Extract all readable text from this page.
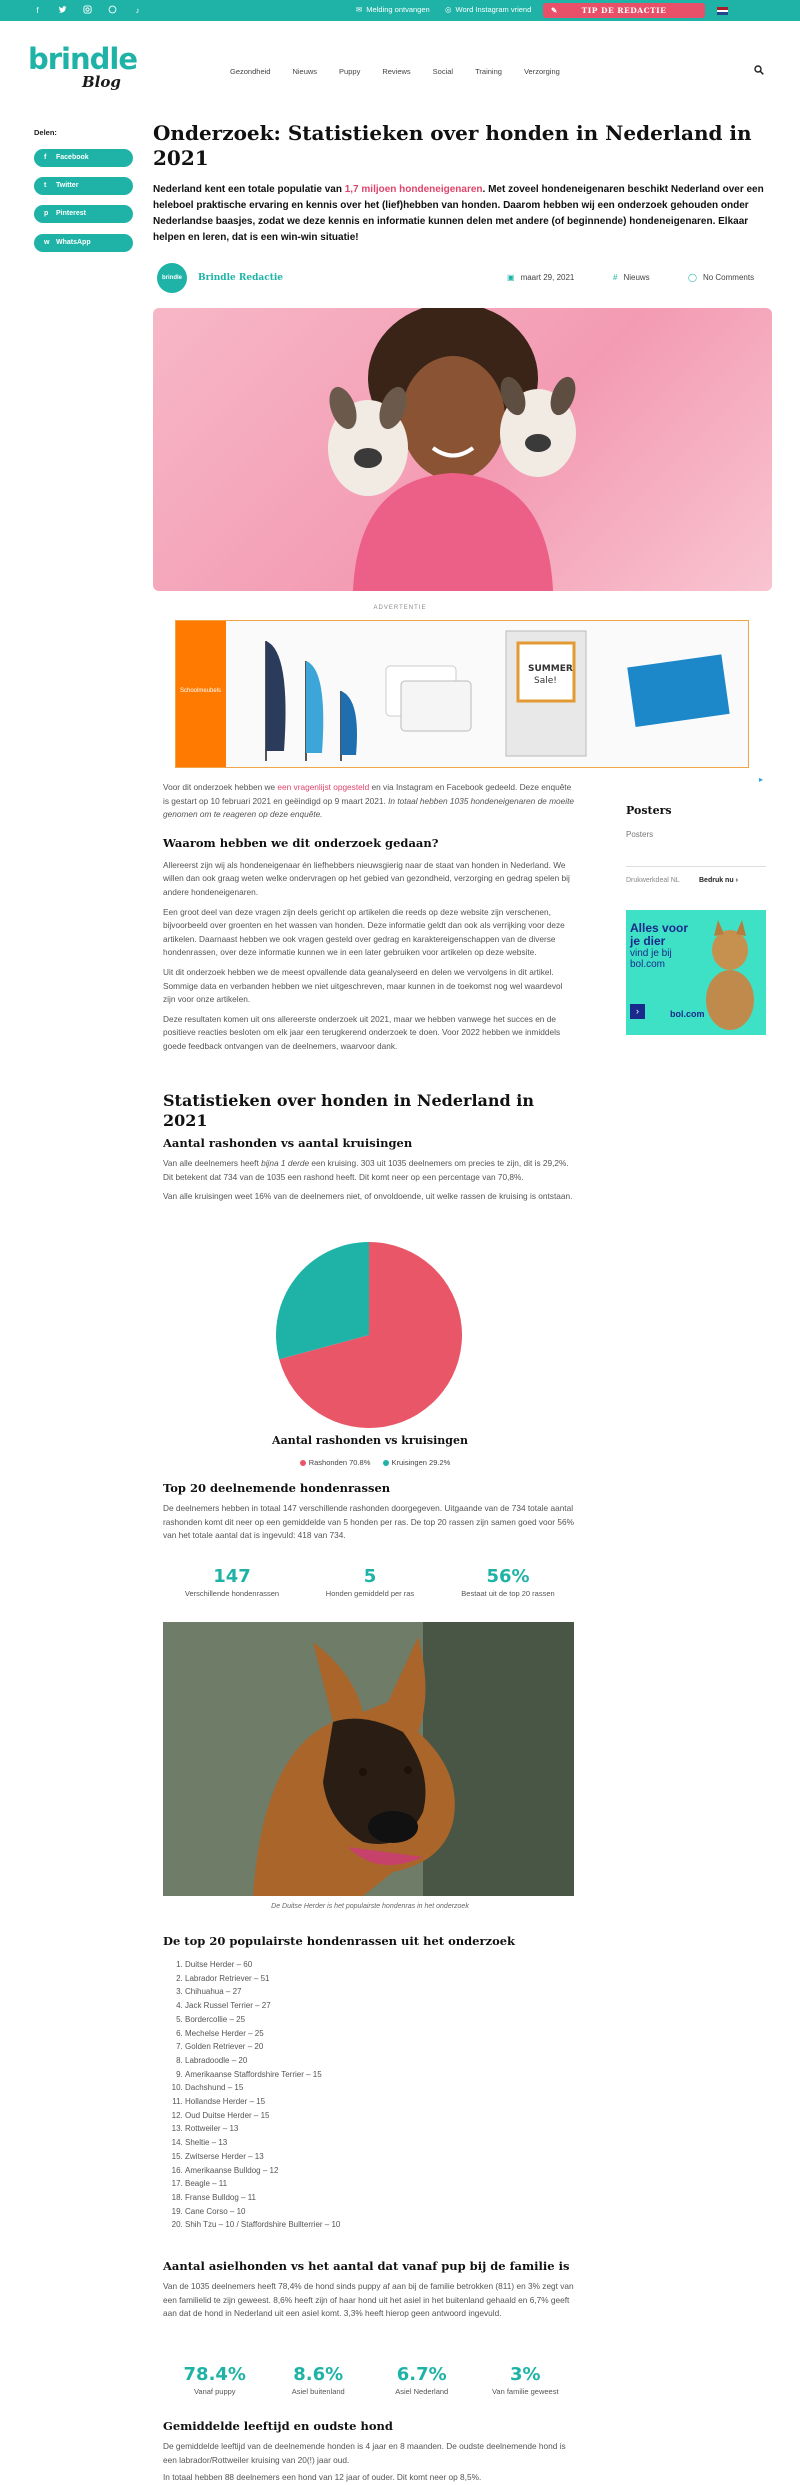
f	♪	✉ Melding ontvangen ◎ Word Instagram vriend	✎	TIP DE REDACTIE
brindle
Blog
Gezondheid	Nieuws	Puppy	Reviews	Social	Training	Verzorging
Delen:
f Facebook
t Twitter
p Pinterest
w WhatsApp
Onderzoek: Statistieken over honden in Nederland in 2021
Nederland kent een totale populatie van 1,7 miljoen hondeneigenaren. Met zoveel hondeneigenaren beschikt Nederland over een heleboel praktische ervaring en kennis over het (lief)hebben van honden. Daarom hebben wij een onderzoek gehouden onder Nederlandse baasjes, zodat we deze kennis en informatie kunnen delen met andere (of beginnende) hondeneigenaren. Elkaar helpen en leren, dat is een win-win situatie!
brindle	Brindle Redactie	▣ maart 29, 2021	# Nieuws	◯ No Comments
ADVERTENTIE
Schoolmeubels
SUMMER
Sale!
▸

Voor dit onderzoek hebben we een vragenlijst opgesteld en via Instagram en Facebook gedeeld. Deze enquête is gestart op 10 februari 2021 en geëindigd op 9 maart 2021. In totaal hebben 1035 hondeneigenaren de moeite genomen om te reageren op deze enquête.

Waarom hebben we dit onderzoek gedaan?

Allereerst zijn wij als hondeneigenaar én liefhebbers nieuwsgierig naar de staat van honden in Nederland. We willen dan ook graag weten welke ondervragen op het gebied van gezondheid, verzorging en gedrag spelen bij andere hondeneigenaren.

Een groot deel van deze vragen zijn deels gericht op artikelen die reeds op deze website zijn verschenen, bijvoorbeeld over groenten en het wassen van honden. Deze informatie geldt dan ook als verrijking voor deze artikelen. Daarnaast hebben we ook vragen gesteld over gedrag en karaktereigenschappen van de diverse hondenrassen, over deze informatie kunnen we in een later gebruiken voor artikelen op deze website.

Uit dit onderzoek hebben we de meest opvallende data geanalyseerd en delen we vervolgens in dit artikel. Sommige data en verbanden hebben we niet uitgeschreven, maar kunnen in de toekomst nog wel waardevol zijn voor onze artikelen.

Deze resultaten komen uit ons allereerste onderzoek uit 2021, maar we hebben vanwege het succes en de positieve reacties besloten om elk jaar een terugkerend onderzoek te doen. Voor 2022 hebben we inmiddels goede feedback ontvangen van de deelnemers, waarvoor dank.

Statistieken over honden in Nederland in 2021
Aantal rashonden vs aantal kruisingen

Van alle deelnemers heeft bijna 1 derde een kruising. 303 uit 1035 deelnemers om precies te zijn, dit is 29,2%. Dit betekent dat 734 van de 1035 een rashond heeft. Dit komt neer op een percentage van 70,8%.

Van alle kruisingen weet 16% van de deelnemers niet, of onvoldoende, uit welke rassen de kruising is ontstaan.

Aantal rashonden vs kruisingen
Rashonden 70.8%	Kruisingen 29.2%
Top 20 deelnemende hondenrassen

De deelnemers hebben in totaal 147 verschillende rashonden doorgegeven. Uitgaande van de 734 totale aantal rashonden komt dit neer op een gemiddelde van 5 honden per ras. De top 20 rassen zijn samen goed voor 56% van het totale aantal dat is ingevuld: 418 van 734.

147
Verschillende hondenrassen
5
Honden gemiddeld per ras
56%
Bestaat uit de top 20 rassen
De Duitse Herder is het populairste hondenras in het onderzoek
De top 20 populairste hondenrassen uit het onderzoek
1. Duitse Herder – 60
2. Labrador Retriever – 51
3. Chihuahua – 27
4. Jack Russel Terrier – 27
5. Bordercollie – 25
6. Mechelse Herder – 25
7. Golden Retriever – 20
8. Labradoodle – 20
9. Amerikaanse Staffordshire Terrier – 15
10. Dachshund – 15
11. Hollandse Herder – 15
12. Oud Duitse Herder – 15
13. Rottweiler – 13
14. Sheltie – 13
15. Zwitserse Herder – 13
16. Amerikaanse Bulldog – 12
17. Beagle – 11
18. Franse Bulldog – 11
19. Cane Corso – 10
20. Shih Tzu – 10 / Staffordshire Bullterrier – 10
Aantal asielhonden vs het aantal dat vanaf pup bij de familie is

Van de 1035 deelnemers heeft 78,4% de hond sinds puppy af aan bij de familie betrokken (811) en 3% zegt van een familielid te zijn geweest. 8,6% heeft zijn of haar hond uit het asiel in het buitenland gehaald en 6,7% geeft aan dat de hond in Nederland uit een asiel komt. 3,3% heeft hierop geen antwoord ingevuld.

78.4%
Vanaf puppy
8.6%
Asiel buitenland
6.7%
Asiel Nederland
3%
Van familie geweest
Gemiddelde leeftijd en oudste hond

De gemiddelde leeftijd van de deelnemende honden is 4 jaar en 8 maanden. De oudste deelnemende hond is een labrador/Rottweiler kruising van 20(!) jaar oud.

In totaal hebben 88 deelnemers een hond van 12 jaar of ouder. Dit komt neer op 8,5%.

Posters
Posters
Drukwerkdeal NL	Bedruk nu ›
Alles voor je dier
vind je bij bol.com
›	bol.com
